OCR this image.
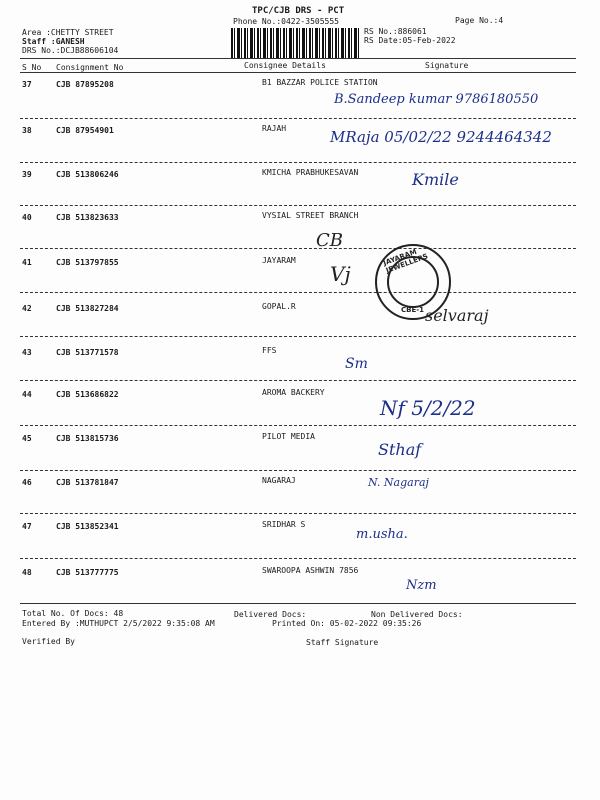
TPC/CJB DRS - PCT
Phone No.:0422-3505555	Page No.:4
Area :CHETTY STREET
Staff :GANESH
DRS No.:DCJB88606104
RS No.:886061
RS Date:05-Feb-2022
S No Consignment No	Consignee Details	Signature
37	CJB 87895208	B1 BAZZAR POLICE STATION
B.Sandeep kumar 9786180550
38	CJB 87954901	RAJAH	MRaja 05/02/22 9244464342
39	CJB 513806246	KMICHA PRABHUKESAVAN	Kmile
40	CJB 513823633	VYSIAL STREET BRANCH
CB
41	CJB 513797855	JAYARAM
Vj
42	CJB 513827284	GOPAL.R	selvaraj
43	CJB 513771578	FFS
Sm
44	CJB 513686822	AROMA BACKERY
Nf 5/2/22
45	CJB 513815736	PILOT MEDIA
Sthaf
46	CJB 513781847	NAGARAJ	N. Nagaraj
47	CJB 513852341	SRIDHAR S
m.usha.
48	CJB 513777775	SWAROOPA ASHWIN 7856
Nzm
JAYARAM JEWELLERS
CBE-1
Total No. Of Docs: 48	Delivered Docs:	Non Delivered Docs:
Entered By :MUTHUPCT 2/5/2022 9:35:08 AM	Printed On: 05-02-2022 09:35:26
Verified By	Staff Signature
